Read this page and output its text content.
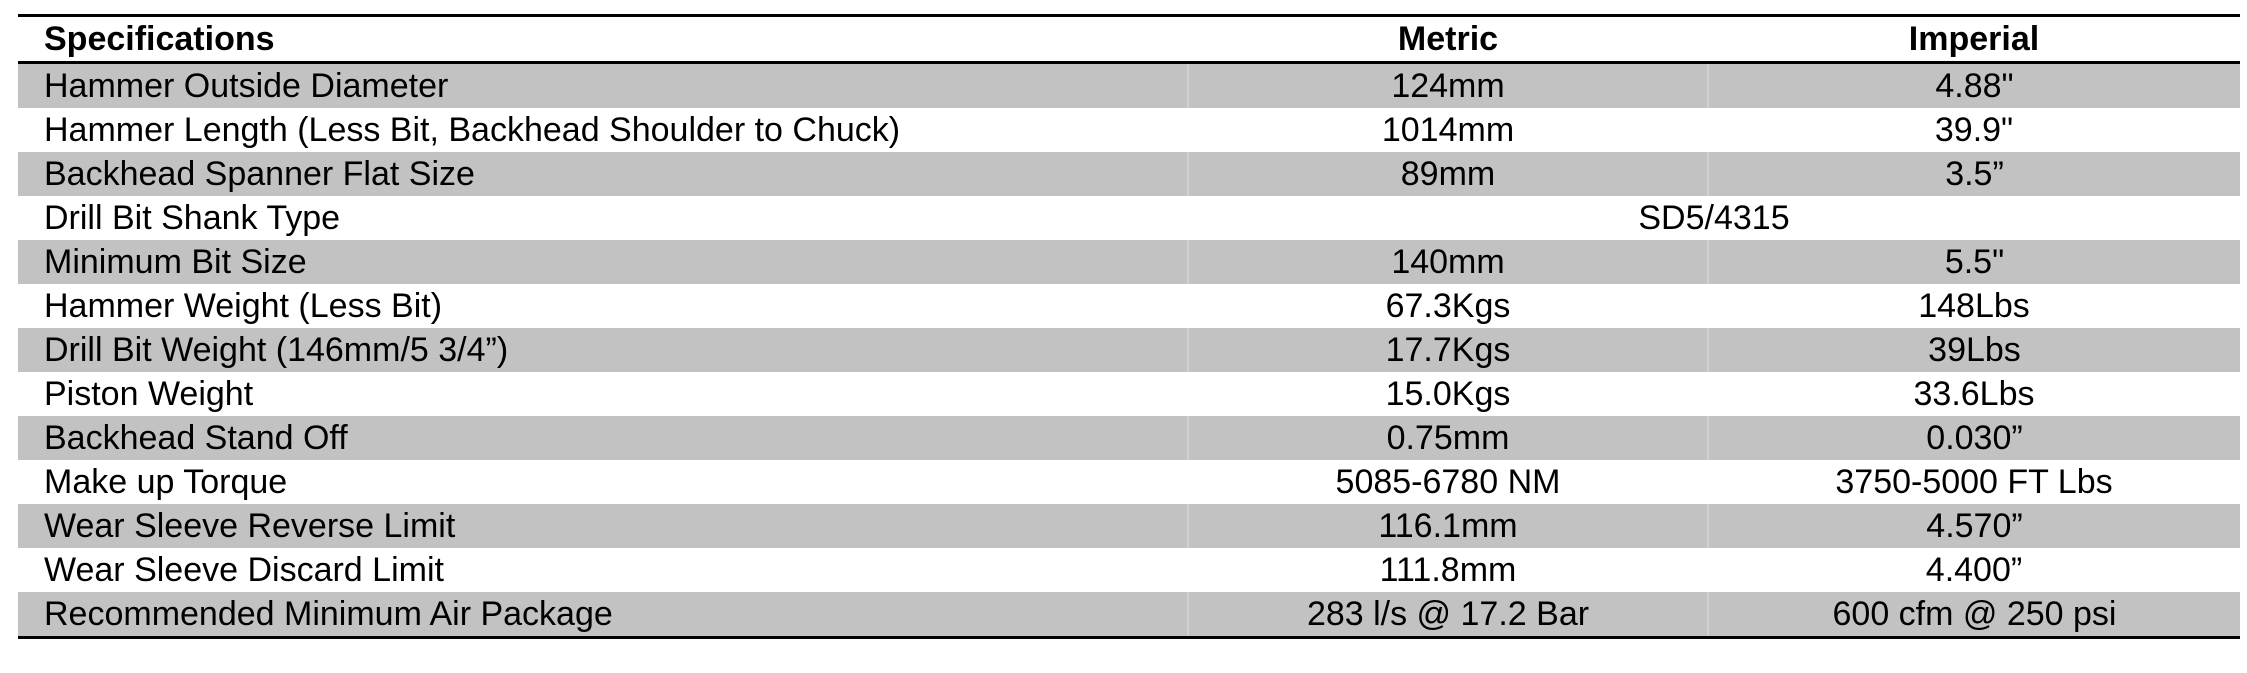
Specifications	Metric	Imperial
Hammer Outside Diameter	124mm	4.88"
Hammer Length (Less Bit, Backhead Shoulder to Chuck)	1014mm	39.9"
Backhead Spanner Flat Size	89mm	3.5”
Drill Bit Shank Type	SD5/4315	
Minimum Bit Size	140mm	5.5"
Hammer Weight (Less Bit)	67.3Kgs	148Lbs
Drill Bit Weight (146mm/5 3/4”)	17.7Kgs	39Lbs
Piston Weight	15.0Kgs	33.6Lbs
Backhead Stand Off	0.75mm	0.030”
Make up Torque	5085-6780 NM	3750-5000 FT Lbs
Wear Sleeve Reverse Limit	116.1mm	4.570”
Wear Sleeve Discard Limit	111.8mm	4.400”
Recommended Minimum Air Package	283 l/s @ 17.2 Bar	600 cfm @ 250 psi
